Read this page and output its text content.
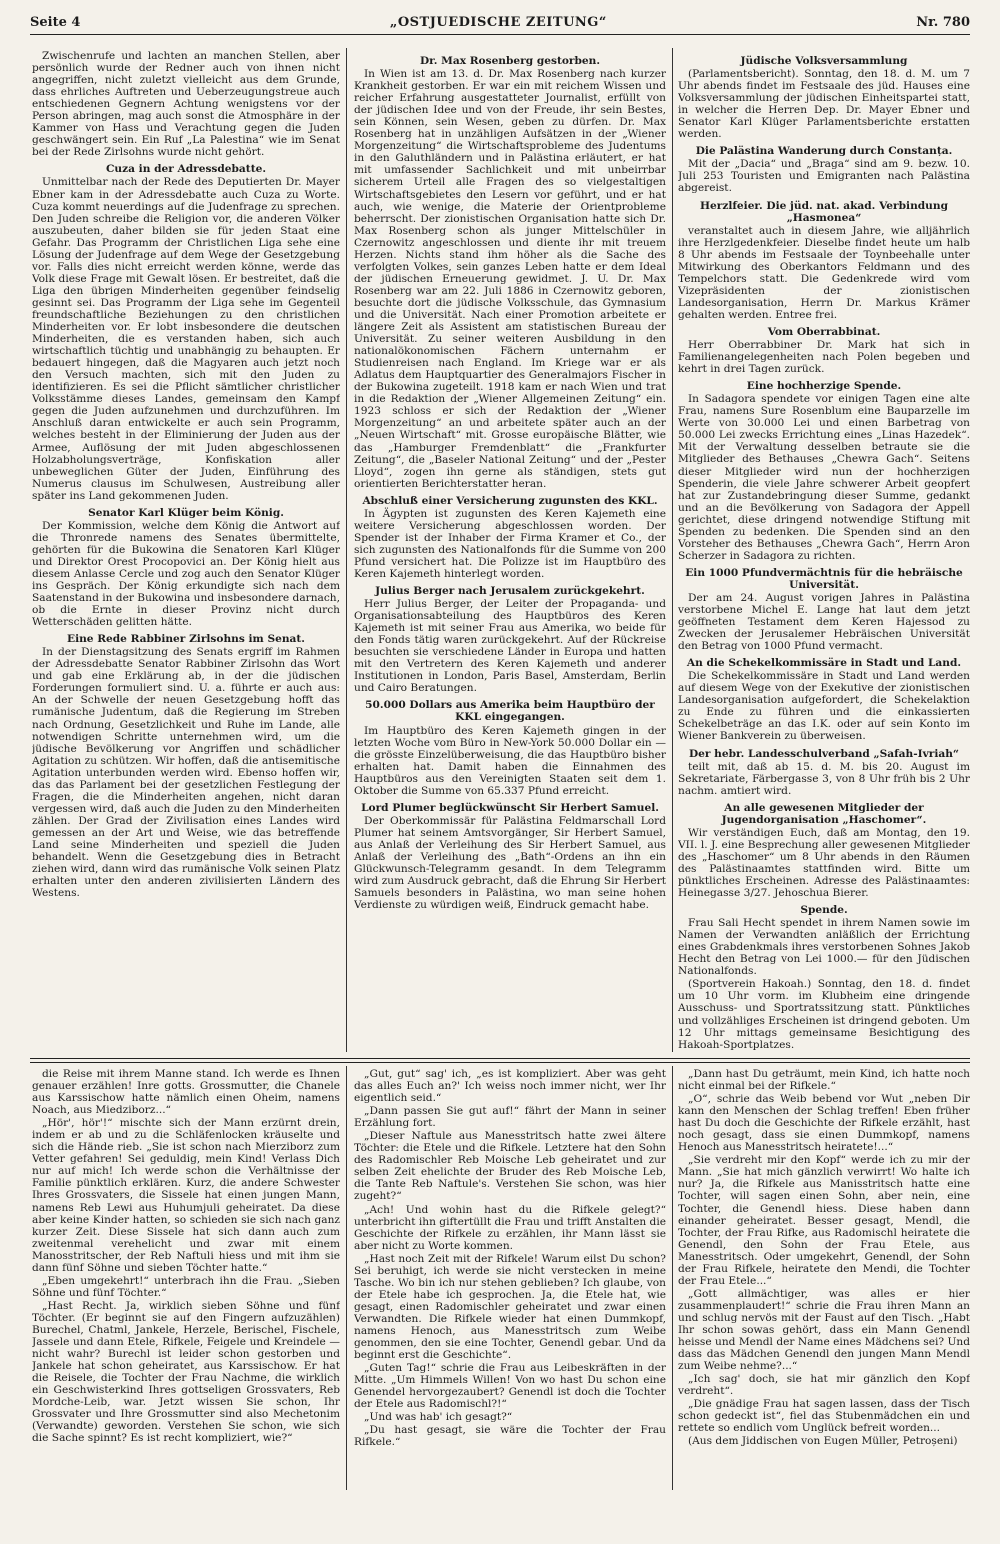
Seite 4	„OSTJUEDISCHE ZEITUNG“	Nr. 780

Zwischenrufe und lachten an manchen Stellen, aber persönlich wurde der Redner auch von ihnen nicht angegriffen, nicht zuletzt vielleicht aus dem Grunde, dass ehrliches Auftreten und Ueberzeugungstreue auch entschiedenen Gegnern Achtung wenigstens vor der Person abringen, mag auch sonst die Atmosphäre in der Kammer von Hass und Verachtung gegen die Juden geschwängert sein. Ein Ruf „La Palestina“ wie im Senat bei der Rede Zirlsohns wurde nicht gehört.

Cuza in der Adressdebatte.

Unmittelbar nach der Rede des Deputierten Dr. Mayer Ebner kam in der Adressdebatte auch Cuza zu Worte. Cuza kommt neuerdings auf die Judenfrage zu sprechen. Den Juden schreibe die Religion vor, die anderen Völker auszubeuten, daher bilden sie für jeden Staat eine Gefahr. Das Programm der Christlichen Liga sehe eine Lösung der Judenfrage auf dem Wege der Gesetzgebung vor. Falls dies nicht erreicht werden könne, werde das Volk diese Frage mit Gewalt lösen. Er bestreitet, daß die Liga den übrigen Minderheiten gegenüber feindselig gesinnt sei. Das Programm der Liga sehe im Gegenteil freundschaftliche Beziehungen zu den christlichen Minderheiten vor. Er lobt insbesondere die deutschen Minderheiten, die es verstanden haben, sich auch wirtschaftlich tüchtig und unabhängig zu behaupten. Er bedauert hingegen, daß die Magyaren auch jetzt noch den Versuch machten, sich mit den Juden zu identifizieren. Es sei die Pflicht sämtlicher christlicher Volksstämme dieses Landes, gemeinsam den Kampf gegen die Juden aufzunehmen und durchzuführen. Im Anschluß daran entwickelte er auch sein Programm, welches besteht in der Eliminierung der Juden aus der Armee, Auflösung der mit Juden abgeschlossenen Holzabholungsverträge, Konfiskation aller unbeweglichen Güter der Juden, Einführung des Numerus clausus im Schulwesen, Austreibung aller später ins Land gekommenen Juden.

Senator Karl Klüger beim König.

Der Kommission, welche dem König die Antwort auf die Thronrede namens des Senates übermittelte, gehörten für die Bukowina die Senatoren Karl Klüger und Direktor Orest Procopovici an. Der König hielt aus diesem Anlasse Cercle und zog auch den Senator Klüger ins Gespräch. Der König erkundigte sich nach dem Saatenstand in der Bukowina und insbesondere darnach, ob die Ernte in dieser Provinz nicht durch Wetterschäden gelitten hätte.

Eine Rede Rabbiner Zirlsohns im Senat.

In der Dienstagsitzung des Senats ergriff im Rahmen der Adressdebatte Senator Rabbiner Zirlsohn das Wort und gab eine Erklärung ab, in der die jüdischen Forderungen formuliert sind. U. a. führte er auch aus: An der Schwelle der neuen Gesetzgebung hofft das rumänische Judentum, daß die Regierung im Streben nach Ordnung, Gesetzlichkeit und Ruhe im Lande, alle notwendigen Schritte unternehmen wird, um die jüdische Bevölkerung vor Angriffen und schädlicher Agitation zu schützen. Wir hoffen, daß die antisemitische Agitation unterbunden werden wird. Ebenso hoffen wir, das das Parlament bei der gesetzlichen Festlegung der Fragen, die die Minderheiten angehen, nicht daran vergessen wird, daß auch die Juden zu den Minderheiten zählen. Der Grad der Zivilisation eines Landes wird gemessen an der Art und Weise, wie das betreffende Land seine Minderheiten und speziell die Juden behandelt. Wenn die Gesetzgebung dies in Betracht ziehen wird, dann wird das rumänische Volk seinen Platz erhalten unter den anderen zivilisierten Ländern des Westens.

Dr. Max Rosenberg gestorben.

In Wien ist am 13. d. Dr. Max Rosenberg nach kurzer Krankheit gestorben. Er war ein mit reichem Wissen und reicher Erfahrung ausgestatteter Journalist, erfüllt von der jüdischen Idee und von der Freude, ihr sein Bestes, sein Können, sein Wesen, geben zu dürfen. Dr. Max Rosenberg hat in unzähligen Aufsätzen in der „Wiener Morgenzeitung“ die Wirtschaftsprobleme des Judentums in den Galuthländern und in Palästina erläutert, er hat mit umfassender Sachlichkeit und mit unbeirrbar sicherem Urteil alle Fragen des so vielgestaltigen Wirtschaftsgebietes den Lesern vor geführt, und er hat auch, wie wenige, die Materie der Orientprobleme beherrscht. Der zionistischen Organisation hatte sich Dr. Max Rosenberg schon als junger Mittelschüler in Czernowitz angeschlossen und diente ihr mit treuem Herzen. Nichts stand ihm höher als die Sache des verfolgten Volkes, sein ganzes Leben hatte er dem Ideal der jüdischen Erneuerung gewidmet. J. U. Dr. Max Rosenberg war am 22. Juli 1886 in Czernowitz geboren, besuchte dort die jüdische Volksschule, das Gymnasium und die Universität. Nach einer Promotion arbeitete er längere Zeit als Assistent am statistischen Bureau der Universität. Zu seiner weiteren Ausbildung in den nationalökonomischen Fächern unternahm er Studienreisen nach England. Im Kriege war er als Adlatus dem Hauptquartier des Generalmajors Fischer in der Bukowina zugeteilt. 1918 kam er nach Wien und trat in die Redaktion der „Wiener Allgemeinen Zeitung“ ein. 1923 schloss er sich der Redaktion der „Wiener Morgenzeitung“ an und arbeitete später auch an der „Neuen Wirtschaft“ mit. Grosse europäische Blätter, wie das „Hamburger Fremdenblatt“ die „Frankfurter Zeitung“, die „Baseler National Zeitung“ und der „Pester Lloyd“, zogen ihn gerne als ständigen, stets gut orientierten Berichterstatter heran.

Abschluß einer Versicherung zugunsten des KKL.

In Ägypten ist zugunsten des Keren Kajemeth eine weitere Versicherung abgeschlossen worden. Der Spender ist der Inhaber der Firma Kramer et Co., der sich zugunsten des Nationalfonds für die Summe von 200 Pfund versichert hat. Die Polizze ist im Hauptbüro des Keren Kajemeth hinterlegt worden.

Julius Berger nach Jerusalem zurückgekehrt.

Herr Julius Berger, der Leiter der Propaganda- und Organisationsabteilung des Hauptbüros des Keren Kajemeth ist mit seiner Frau aus Amerika, wo beide für den Fonds tätig waren zurückgekehrt. Auf der Rückreise besuchten sie verschiedene Länder in Europa und hatten mit den Vertretern des Keren Kajemeth und anderer Institutionen in London, Paris Basel, Amsterdam, Berlin und Cairo Beratungen.

50.000 Dollars aus Amerika beim Hauptbüro der KKL eingegangen.

Im Hauptbüro des Keren Kajemeth gingen in der letzten Woche vom Büro in New-York 50.000 Dollar ein — die grösste Einzelüberweisung, die das Hauptbüro bisher erhalten hat. Damit haben die Einnahmen des Hauptbüros aus den Vereinigten Staaten seit dem 1. Oktober die Summe von 65.337 Pfund erreicht.

Lord Plumer beglückwünscht Sir Herbert Samuel.

Der Oberkommissär für Palästina Feldmarschall Lord Plumer hat seinem Amtsvorgänger, Sir Herbert Samuel, aus Anlaß der Verleihung des Sir Herbert Samuel, aus Anlaß der Verleihung des „Bath“-Ordens an ihn ein Glückwunsch-Telegramm gesandt. In dem Telegramm wird zum Ausdruck gebracht, daß die Ehrung Sir Herbert Samuels besonders in Palästina, wo man seine hohen Verdienste zu würdigen weiß, Eindruck gemacht habe.

Jüdische Volksversammlung

(Parlamentsbericht). Sonntag, den 18. d. M. um 7 Uhr abends findet im Festsaale des jüd. Hauses eine Volksversammlung der jüdischen Einheitspartei statt, in welcher die Herren Dep. Dr. Mayer Ebner und Senator Karl Klüger Parlamentsberichte erstatten werden.

Die Palästina Wanderung durch Constanța.

Mit der „Dacia“ und „Braga“ sind am 9. bezw. 10. Juli 253 Touristen und Emigranten nach Palästina abgereist.

Herzlfeier. Die jüd. nat. akad. Verbindung „Hasmonea“

veranstaltet auch in diesem Jahre, wie alljährlich ihre Herzlgedenkfeier. Dieselbe findet heute um halb 8 Uhr abends im Festsaale der Toynbeehalle unter Mitwirkung des Oberkantors Feldmann und des Tempelchors statt. Die Gedenkrede wird vom Vizepräsidenten der zionistischen Landesorganisation, Herrn Dr. Markus Krämer gehalten werden. Entree frei.

Vom Oberrabbinat.

Herr Oberrabbiner Dr. Mark hat sich in Familienangelegenheiten nach Polen begeben und kehrt in drei Tagen zurück.

Eine hochherzige Spende.

In Sadagora spendete vor einigen Tagen eine alte Frau, namens Sure Rosenblum eine Bauparzelle im Werte von 30.000 Lei und einen Barbetrag von 50.000 Lei zwecks Errichtung eines „Linas Hazedek“. Mit der Verwaltung desselben betraute sie die Mitglieder des Bethauses „Chewra Gach“. Seitens dieser Mitglieder wird nun der hochherzigen Spenderin, die viele Jahre schwerer Arbeit geopfert hat zur Zustandebringung dieser Summe, gedankt und an die Bevölkerung von Sadagora der Appell gerichtet, diese dringend notwendige Stiftung mit Spenden zu bedenken. Die Spenden sind an den Vorsteher des Bethauses „Chewra Gach“, Herrn Aron Scherzer in Sadagora zu richten.

Ein 1000 Pfundvermächtnis für die hebräische Universität.

Der am 24. August vorigen Jahres in Palästina verstorbene Michel E. Lange hat laut dem jetzt geöffneten Testament dem Keren Hajessod zu Zwecken der Jerusalemer Hebräischen Universität den Betrag von 1000 Pfund vermacht.

An die Schekelkommissäre in Stadt und Land.

Die Schekelkommissäre in Stadt und Land werden auf diesem Wege von der Exekutive der zionistischen Landesorganisation aufgefordert, die Schekelaktion zu Ende zu führen und die einkassierten Schekelbeträge an das I.K. oder auf sein Konto im Wiener Bankverein zu überweisen.

Der hebr. Landesschulverband „Safah-Ivriah“

teilt mit, daß ab 15. d. M. bis 20. August im Sekretariate, Färbergasse 3, von 8 Uhr früh bis 2 Uhr nachm. amtiert wird.

An alle gewesenen Mitglieder der Jugendorganisation „Haschomer“.

Wir verständigen Euch, daß am Montag, den 19. VII. l. J. eine Besprechung aller gewesenen Mitglieder des „Haschomer“ um 8 Uhr abends in den Räumen des Palästinaamtes stattfinden wird. Bitte um pünktliches Erscheinen. Adresse des Palästinaamtes: Heinegasse 3/27. Jehoschua Bierer.

Spende.

Frau Sali Hecht spendet in ihrem Namen sowie im Namen der Verwandten anläßlich der Errichtung eines Grabdenkmals ihres verstorbenen Sohnes Jakob Hecht den Betrag von Lei 1000.— für den Jüdischen Nationalfonds.

(Sportverein Hakoah.) Sonntag, den 18. d. findet um 10 Uhr vorm. im Klubheim eine dringende Ausschuss- und Sportratssitzung statt. Pünktliches und vollzähliges Erscheinen ist dringend geboten. Um 12 Uhr mittags gemeinsame Besichtigung des Hakoah-Sportplatzes.

die Reise mit ihrem Manne stand. Ich werde es Ihnen genauer erzählen! Inre gotts. Grossmutter, die Chanele aus Karssischow hatte nämlich einen Oheim, namens Noach, aus Miedziborz...“

„Hör', hör'!“ mischte sich der Mann erzürnt drein, indem er ab und zu die Schläfenlocken kräuselte und sich die Hände rieb. „Sie ist schon nach Mierziborz zum Vetter gefahren! Sei geduldig, mein Kind! Verlass Dich nur auf mich! Ich werde schon die Verhältnisse der Familie pünktlich erklären. Kurz, die andere Schwester Ihres Grossvaters, die Sissele hat einen jungen Mann, namens Reb Lewi aus Huhumjuli geheiratet. Da diese aber keine Kinder hatten, so schieden sie sich nach ganz kurzer Zeit. Diese Sissele hat sich dann auch zum zweitenmal verehelicht und zwar mit einem Manosstritscher, der Reb Naftuli hiess und mit ihm sie dann fünf Söhne und sieben Töchter hatte.“

„Eben umgekehrt!“ unterbrach ihn die Frau. „Sieben Söhne und fünf Töchter.“

„Hast Recht. Ja, wirklich sieben Söhne und fünf Töchter. (Er beginnt sie auf den Fingern aufzuzählen) Burechel, Chatml, Jankele, Herzele, Berischel, Fischele, Jassele und dann Etele, Rifkele, Feigele und Kreindele — nicht wahr? Burechl ist leider schon gestorben und Jankele hat schon geheiratet, aus Karssischow. Er hat die Reisele, die Tochter der Frau Nachme, die wirklich ein Geschwisterkind Ihres gottseligen Grossvaters, Reb Mordche-Leib, war. Jetzt wissen Sie schon, Ihr Grossvater und Ihre Grossmutter sind also Mechetonim (Verwandte) geworden. Verstehen Sie schon, wie sich die Sache spinnt? Es ist recht kompliziert, wie?“

„Gut, gut“ sag' ich, „es ist kompliziert. Aber was geht das alles Euch an?' Ich weiss noch immer nicht, wer Ihr eigentlich seid.“

„Dann passen Sie gut auf!“ fährt der Mann in seiner Erzählung fort.

„Dieser Naftule aus Manesstritsch hatte zwei ältere Töchter: die Etele und die Rifkele. Letztere hat den Sohn des Radomischler Reb Moische Leb geheiratet und zur selben Zeit ehelichte der Bruder des Reb Moische Leb, die Tante Reb Naftule's. Verstehen Sie schon, was hier zugeht?“

„Ach! Und wohin hast du die Rifkele gelegt?“ unterbricht ihn giftertüllt die Frau und trifft Anstalten die Geschichte der Rifkele zu erzählen, ihr Mann lässt sie aber nicht zu Worte kommen.

„Hast noch Zeit mit der Rifkele! Warum eilst Du schon? Sei beruhigt, ich werde sie nicht verstecken in meine Tasche. Wo bin ich nur stehen geblieben? Ich glaube, von der Etele habe ich gesprochen. Ja, die Etele hat, wie gesagt, einen Radomischler geheiratet und zwar einen Verwandten. Die Rifkele wieder hat einen Dummkopf, namens Henoch, aus Manesstritsch zum Weibe genommen, den sie eine Tochter, Genendl gebar. Und da beginnt erst die Geschichte“.

„Guten Tag!“ schrie die Frau aus Leibeskräften in der Mitte. „Um Himmels Willen! Von wo hast Du schon eine Genendel hervorgezaubert? Genendl ist doch die Tochter der Etele aus Radomischl?!“

„Und was hab' ich gesagt?“

„Du hast gesagt, sie wäre die Tochter der Frau Rifkele.“

„Dann hast Du geträumt, mein Kind, ich hatte noch nicht einmal bei der Rifkele.“

„O“, schrie das Weib bebend vor Wut „neben Dir kann den Menschen der Schlag treffen! Eben früher hast Du doch die Geschichte der Rifkele erzählt, hast noch gesagt, dass sie einen Dummkopf, namens Henoch aus Manesstritsch heiratete!...“

„Sie verdreht mir den Kopf“ werde ich zu mir der Mann. „Sie hat mich gänzlich verwirrt! Wo halte ich nur? Ja, die Rifkele aus Manisstritsch hatte eine Tochter, will sagen einen Sohn, aber nein, eine Tochter, die Genendl hiess. Diese haben dann einander geheiratet. Besser gesagt, Mendl, die Tochter, der Frau Rifke, aus Radomischl heiratete die Genendl, den Sohn der Frau Etele, aus Manesstritsch. Oder umgekehrt, Genendl, der Sohn der Frau Rifkele, heiratete den Mendi, die Tochter der Frau Etele...“

„Gott allmächtiger, was alles er hier zusammenplaudert!“ schrie die Frau ihren Mann an und schlug nervös mit der Faust auf den Tisch. „Habt Ihr schon sowas gehört, dass ein Mann Genendl heisse und Mendl der Name eines Mädchens sei? Und dass das Mädchen Genendl den jungen Mann Mendl zum Weibe nehme?...“

„Ich sag' doch, sie hat mir gänzlich den Kopf verdreht“.

„Die gnädige Frau hat sagen lassen, dass der Tisch schon gedeckt ist“, fiel das Stubenmädchen ein und rettete so endlich vom Unglück befreit worden...

(Aus dem Jiddischen von Eugen Müller, Petroșeni)
